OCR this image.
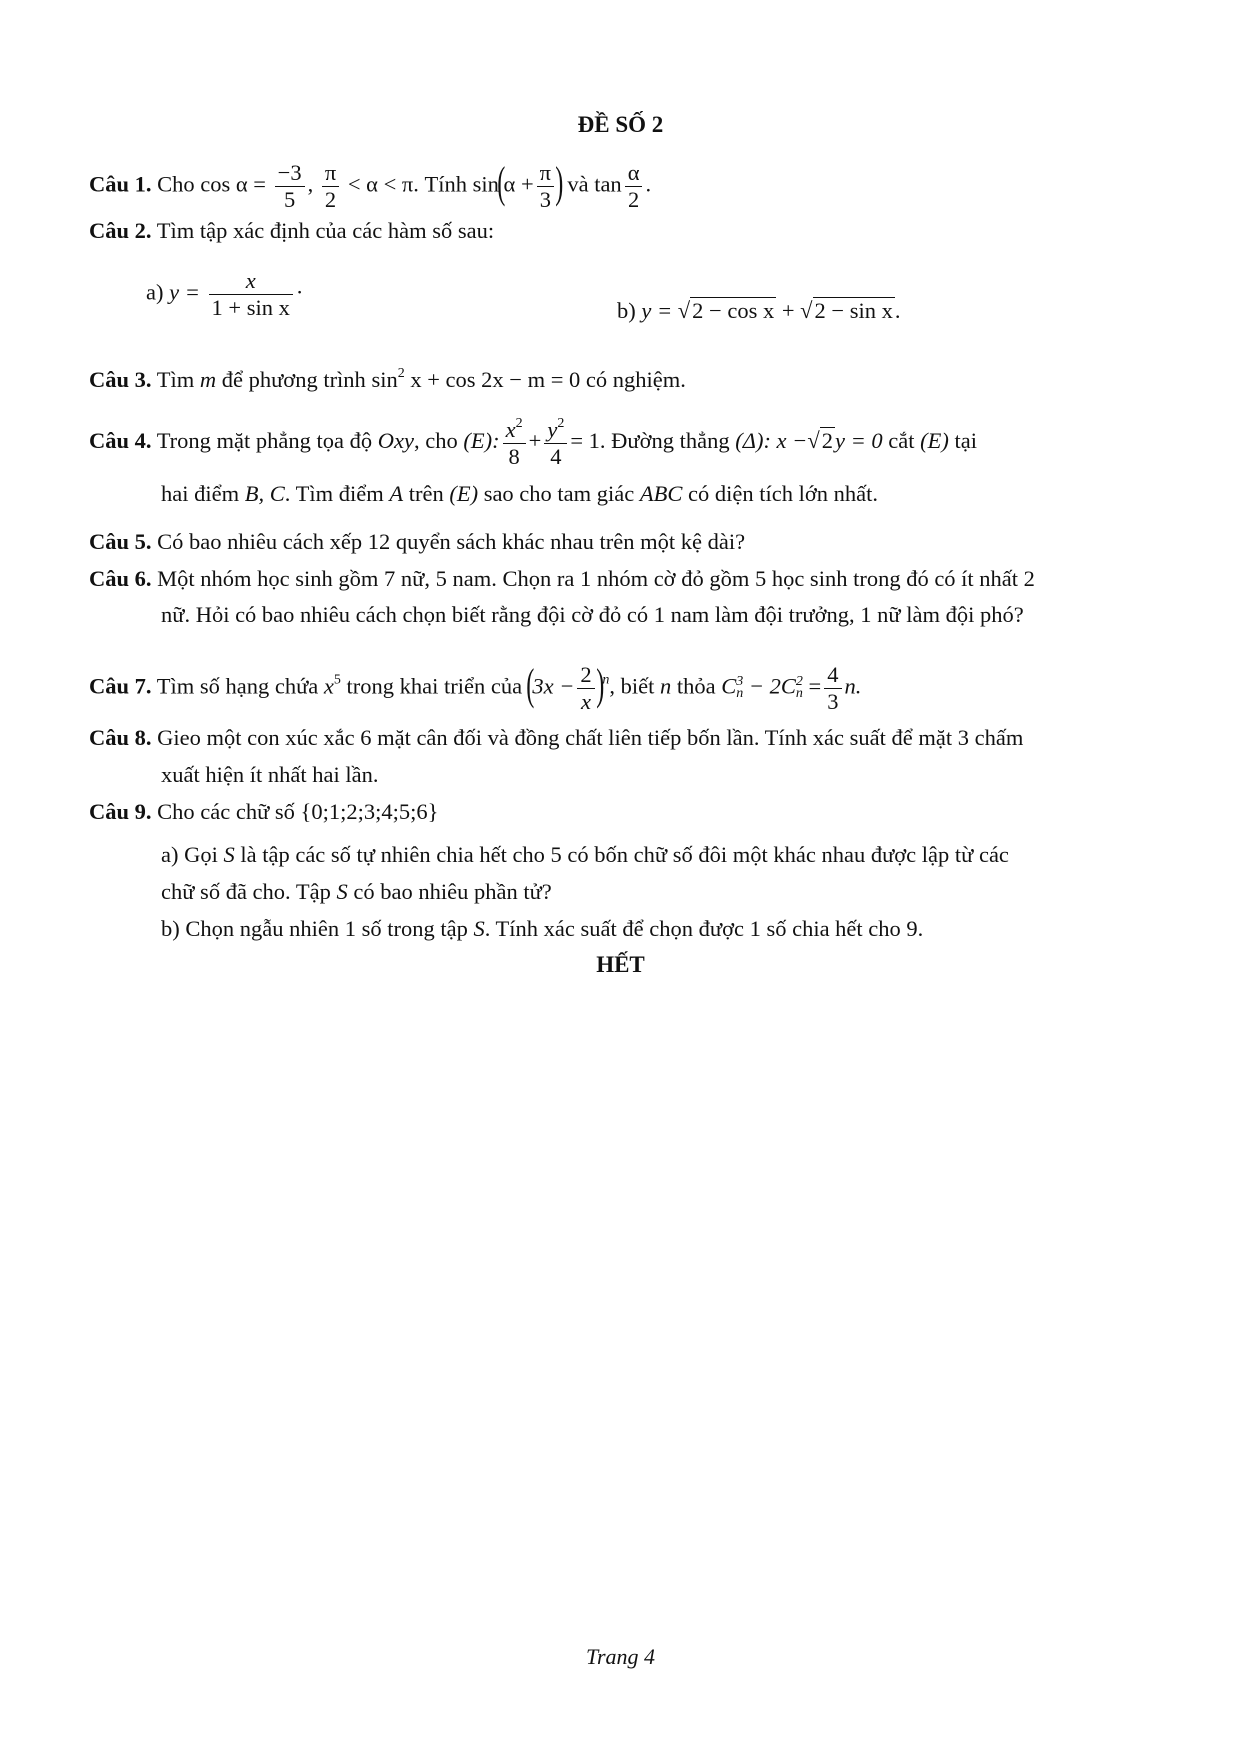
ĐỀ SỐ 2
Câu 1. Cho $\cos \alpha = \frac{-3}{5}$ , $\frac{\pi}{2} < \alpha < \pi$. Tính $\sin(\alpha + \frac{\pi}{3}$ ) và $\tan \frac{\alpha}{2}$ .
Câu 2. Tìm tập xác định của các hàm số sau:
a) $y = \frac{x}{\text{1 + sin x}}$ ·
b) y = √2 − cos x + √2 − sin x.
Câu 3. Tìm m để phương trình $\sin^2 x + \cos 2x - m = 0$ có nghiệm.
Câu 4. Trong mặt phẳng tọa độ Oxy, cho (E): $\frac{x^2}{8} + \frac{y^2}{4} = 1$. Đường thẳng (Δ): x −√2y = 0 cắt (E) tại
hai điểm B, C. Tìm điểm A trên (E) sao cho tam giác ABC có diện tích lớn nhất.
Câu 5. Có bao nhiêu cách xếp 12 quyển sách khác nhau trên một kệ dài?
Câu 6. Một nhóm học sinh gồm 7 nữ, 5 nam. Chọn ra 1 nhóm cờ đỏ gồm 5 học sinh trong đó có ít nhất 2
nữ. Hỏi có bao nhiêu cách chọn biết rằng đội cờ đỏ có 1 nam làm đội trưởng, 1 nữ làm đội phó?
Câu 7. Tìm số hạng chứa $x^5$ trong khai triển của $(3x - \frac{2}{x} )^n$, biết n thỏa C 3
n − 2C 2
$n = \frac{4}{3} n$.
Câu 8. Gieo một con xúc xắc 6 mặt cân đối và đồng chất liên tiếp bốn lần. Tính xác suất để mặt 3 chấm
xuất hiện ít nhất hai lần.
Câu 9. Cho các chữ số {0;1;2;3;4;5;6}
a) Gọi S là tập các số tự nhiên chia hết cho 5 có bốn chữ số đôi một khác nhau được lập từ các
chữ số đã cho. Tập S có bao nhiêu phần tử?
b) Chọn ngẫu nhiên 1 số trong tập S. Tính xác suất để chọn được 1 số chia hết cho 9.
HẾT
Trang 4
